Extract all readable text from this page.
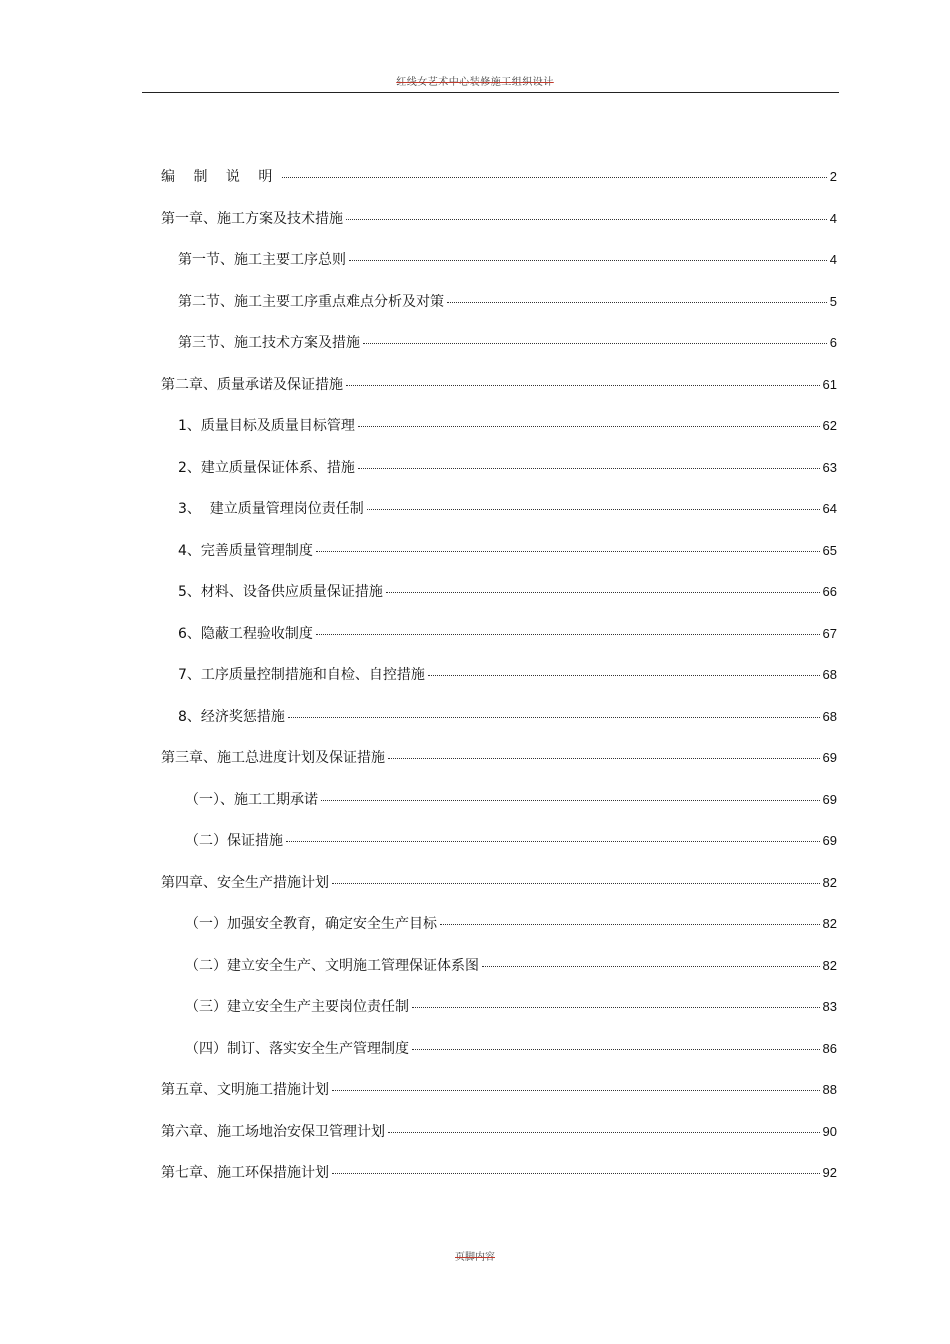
红线女艺术中心装修施工组织设计
编 制 说 明	2
第一章、施工方案及技术措施	4
第一节、施工主要工序总则	4
第二节、施工主要工序重点难点分析及对策	5
第三节、施工技术方案及措施	6
第二章、质量承诺及保证措施	61
1、质量目标及质量目标管理	62
2、建立质量保证体系、措施	63
3、  建立质量管理岗位责任制	64
4、完善质量管理制度	65
5、材料、设备供应质量保证措施	66
6、隐蔽工程验收制度	67
7、工序质量控制措施和自检、自控措施	68
8、经济奖惩措施	68
第三章、施工总进度计划及保证措施	69
（一）、施工工期承诺	69
（二）保证措施	69
第四章、安全生产措施计划	82
（一）加强安全教育，确定安全生产目标	82
（二）建立安全生产、文明施工管理保证体系图	82
（三）建立安全生产主要岗位责任制	83
（四）制订、落实安全生产管理制度	86
第五章、文明施工措施计划	88
第六章、施工场地治安保卫管理计划	90
第七章、施工环保措施计划	92
页脚内容
